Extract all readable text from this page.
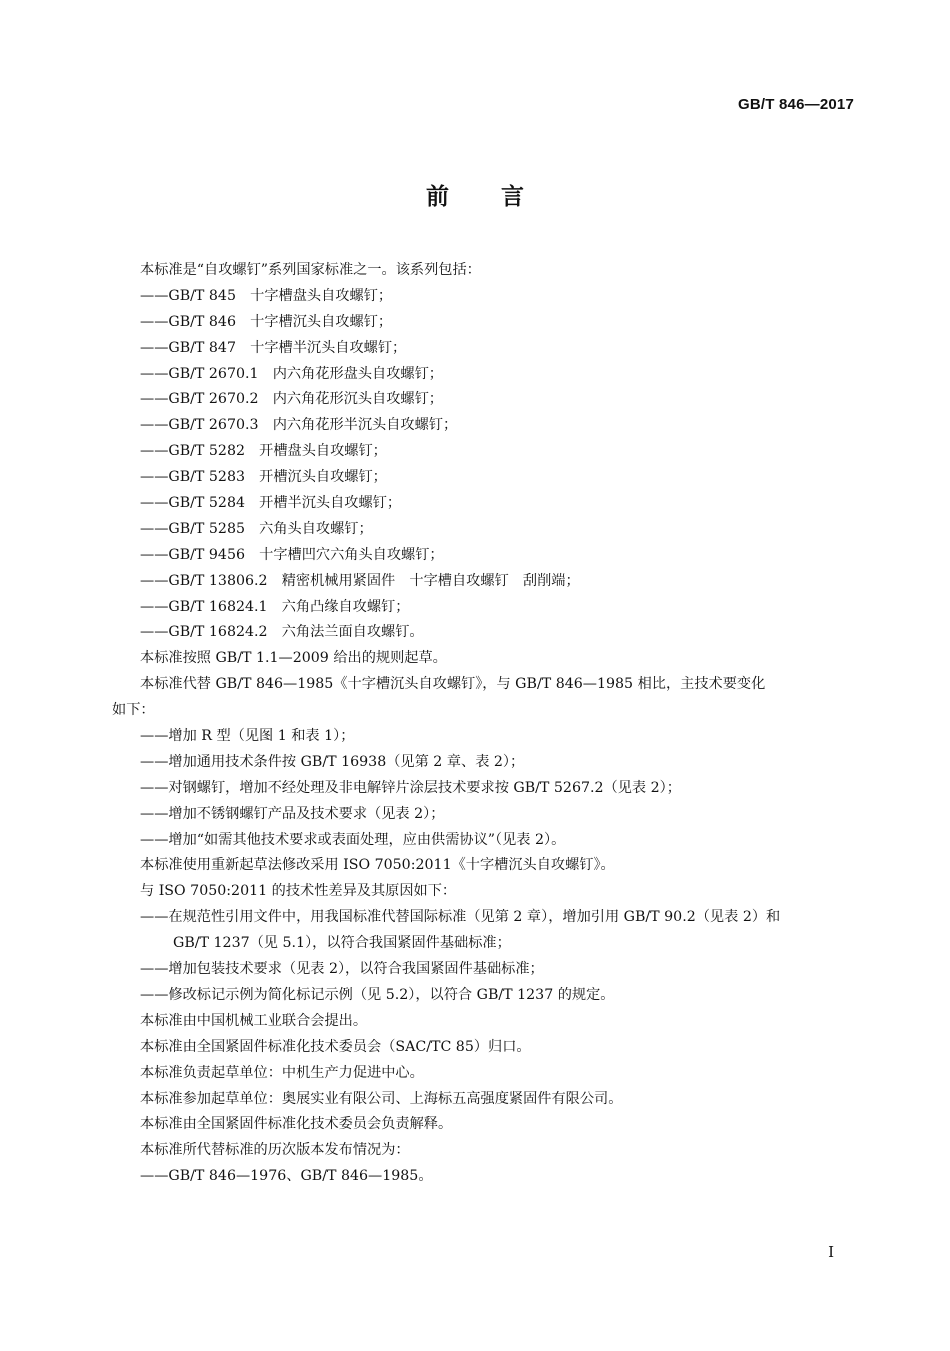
GB/T 846—2017
前 言
本标准是“自攻螺钉”系列国家标准之一。该系列包括：
——GB/T 845　十字槽盘头自攻螺钉；
——GB/T 846　十字槽沉头自攻螺钉；
——GB/T 847　十字槽半沉头自攻螺钉；
——GB/T 2670.1　内六角花形盘头自攻螺钉；
——GB/T 2670.2　内六角花形沉头自攻螺钉；
——GB/T 2670.3　内六角花形半沉头自攻螺钉；
——GB/T 5282　开槽盘头自攻螺钉；
——GB/T 5283　开槽沉头自攻螺钉；
——GB/T 5284　开槽半沉头自攻螺钉；
——GB/T 5285　六角头自攻螺钉；
——GB/T 9456　十字槽凹穴六角头自攻螺钉；
——GB/T 13806.2　精密机械用紧固件　十字槽自攻螺钉　刮削端；
——GB/T 16824.1　六角凸缘自攻螺钉；
——GB/T 16824.2　六角法兰面自攻螺钉。
本标准按照 GB/T 1.1—2009 给出的规则起草。
本标准代替 GB/T 846—1985《十字槽沉头自攻螺钉》，与 GB/T 846—1985 相比，主技术要变化
如下：
——增加 R 型（见图 1 和表 1）；
——增加通用技术条件按 GB/T 16938（见第 2 章、表 2）；
——对钢螺钉，增加不经处理及非电解锌片涂层技术要求按 GB/T 5267.2（见表 2）；
——增加不锈钢螺钉产品及技术要求（见表 2）；
——增加“如需其他技术要求或表面处理，应由供需协议”（见表 2）。
本标准使用重新起草法修改采用 ISO 7050:2011《十字槽沉头自攻螺钉》。
与 ISO 7050:2011 的技术性差异及其原因如下：
——在规范性引用文件中，用我国标准代替国际标准（见第 2 章），增加引用 GB/T 90.2（见表 2）和
GB/T 1237（见 5.1），以符合我国紧固件基础标准；
——增加包装技术要求（见表 2），以符合我国紧固件基础标准；
——修改标记示例为简化标记示例（见 5.2），以符合 GB/T 1237 的规定。
本标准由中国机械工业联合会提出。
本标准由全国紧固件标准化技术委员会（SAC/TC 85）归口。
本标准负责起草单位：中机生产力促进中心。
本标准参加起草单位：奥展实业有限公司、上海标五高强度紧固件有限公司。
本标准由全国紧固件标准化技术委员会负责解释。
本标准所代替标准的历次版本发布情况为：
——GB/T 846—1976、GB/T 846—1985。
I
